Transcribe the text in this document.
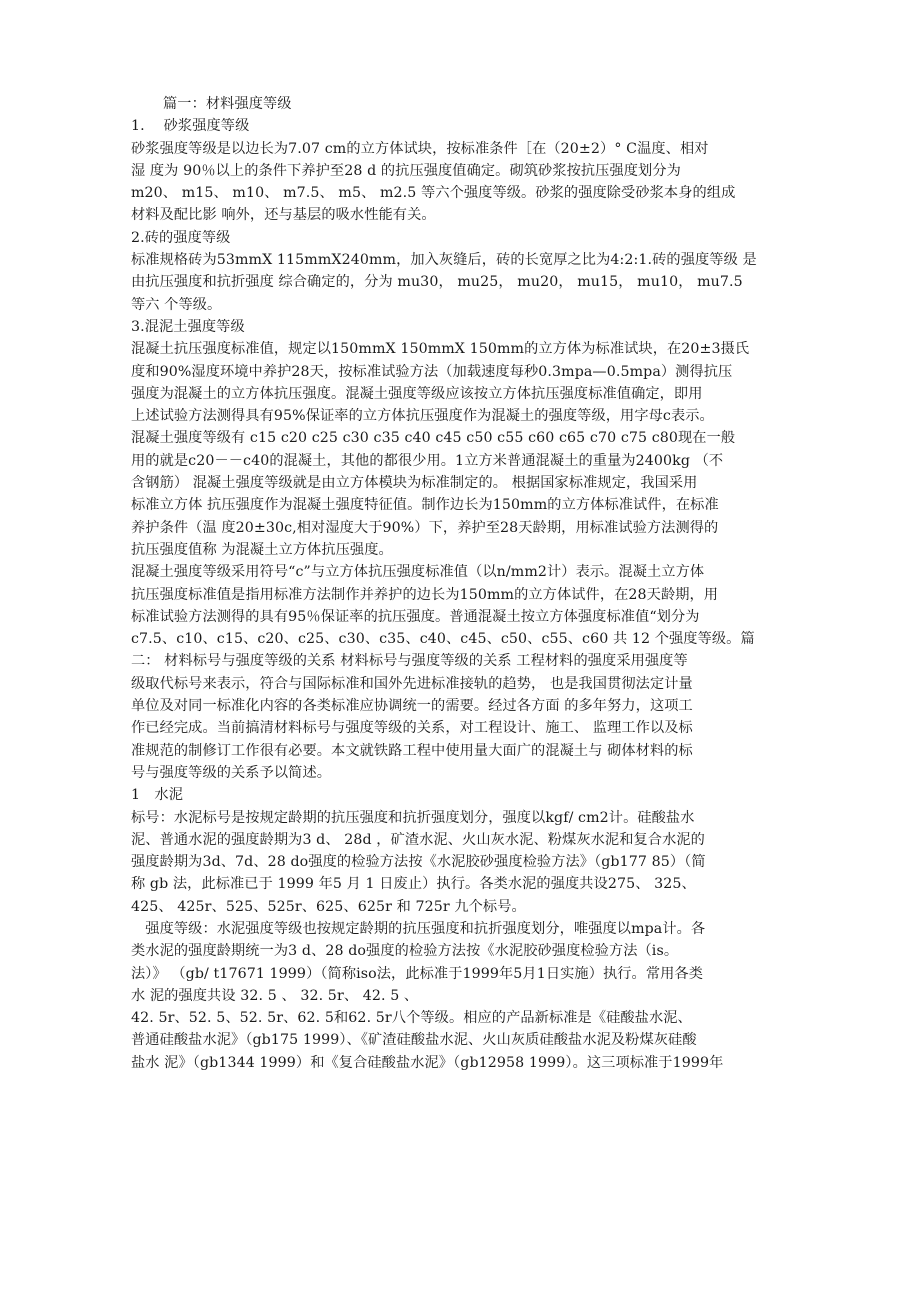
篇一：材料强度等级
1.　 砂浆强度等级
砂浆强度等级是以边长为7.07 cm的立方体试块，按标准条件［在（20±2）° C温度、相对
湿 度为 90％以上的条件下养护至28 d 的抗压强度值确定。砌筑砂浆按抗压强度划分为
m20、 m15、 m10、 m7.5、 m5、 m2.5 等六个强度等级。砂浆的强度除受砂浆本身的组成
材料及配比影 响外，还与基层的吸水性能有关。
2.砖的强度等级
标准规格砖为53mmX 115mmX240mm，加入灰缝后，砖的长宽厚之比为4:2:1.砖的强度等级 是
由抗压强度和抗折强度 综合确定的，分为 mu30， mu25， mu20， mu15， mu10， mu7.5
等六 个等级。
3.混泥土强度等级
混凝土抗压强度标准值，规定以150mmX 150mmX 150mm的立方体为标准试块，在20±3摄氏
度和90%湿度环境中养护28天，按标准试验方法（加载速度每秒0.3mpa—0.5mpa）测得抗压
强度为混凝土的立方体抗压强度。混凝土强度等级应该按立方体抗压强度标准值确定，即用
上述试验方法测得具有95%保证率的立方体抗压强度作为混凝土的强度等级，用字母c表示。
混凝土强度等级有 c15 c20 c25 c30 c35 c40 c45 c50 c55 c60 c65 c70 c75 c80现在一般
用的就是c20－－c40的混凝土，其他的都很少用。1立方米普通混凝土的重量为2400kg （不
含钢筋） 混凝土强度等级就是由立方体模块为标准制定的。 根据国家标准规定，我国采用
标准立方体 抗压强度作为混凝土强度特征值。制作边长为150mm的立方体标准试件，在标准
养护条件（温 度20±30c,相对湿度大于90%）下，养护至28天龄期，用标准试验方法测得的
抗压强度值称 为混凝土立方体抗压强度。
混凝土强度等级采用符号“c”与立方体抗压强度标准值（以n/mm2计）表示。混凝土立方体
抗压强度标准值是指用标准方法制作并养护的边长为150mm的立方体试件，在28天龄期，用
标准试验方法测得的具有95％保证率的抗压强度。普通混凝土按立方体强度标准值“划分为
c7.5、c10、c15、c20、c25、c30、c35、c40、c45、c50、c55、c60 共 12 个强度等级。篇
二： 材料标号与强度等级的关系 材料标号与强度等级的关系 工程材料的强度采用强度等
级取代标号来表示，符合与国际标准和国外先进标准接轨的趋势， 也是我国贯彻法定计量
单位及对同一标准化内容的各类标准应协调统一的需要。经过各方面 的多年努力，这项工
作已经完成。当前搞清材料标号与强度等级的关系，对工程设计、施工、 监理工作以及标
准规范的制修订工作很有必要。本文就铁路工程中使用量大面广的混凝土与 砌体材料的标
号与强度等级的关系予以简述。
1　水泥
标号：水泥标号是按规定龄期的抗压强度和抗折强度划分，强度以kgf/ cm2计。硅酸盐水
泥、普通水泥的强度龄期为3 d、 28d ，矿渣水泥、火山灰水泥、粉煤灰水泥和复合水泥的
强度龄期为3d、7d、28 do强度的检验方法按《水泥胶砂强度检验方法》（gb177 85）（简
称 gb 法，此标准已于 1999 年5 月 1 日废止）执行。各类水泥的强度共设275、 325、
425、 425r、525、525r、625、625r 和 725r 九个标号。
　强度等级：水泥强度等级也按规定龄期的抗压强度和抗折强度划分，唯强度以mpa计。各
类水泥的强度龄期统一为3 d、28 do强度的检验方法按《水泥胶砂强度检验方法（is。
法）》 （gb/ t17671 1999）（简称iso法，此标准于1999年5月1日实施）执行。常用各类
水 泥的强度共设 32. 5 、 32. 5r、 42. 5 、
42. 5r、52. 5、52. 5r、62. 5和62. 5r八个等级。相应的产品新标准是《硅酸盐水泥、
普通硅酸盐水泥》（gb175 1999）、《矿渣硅酸盐水泥、火山灰质硅酸盐水泥及粉煤灰硅酸
盐水 泥》（gb1344 1999）和《复合硅酸盐水泥》（gb12958 1999）。这三项标准于1999年
